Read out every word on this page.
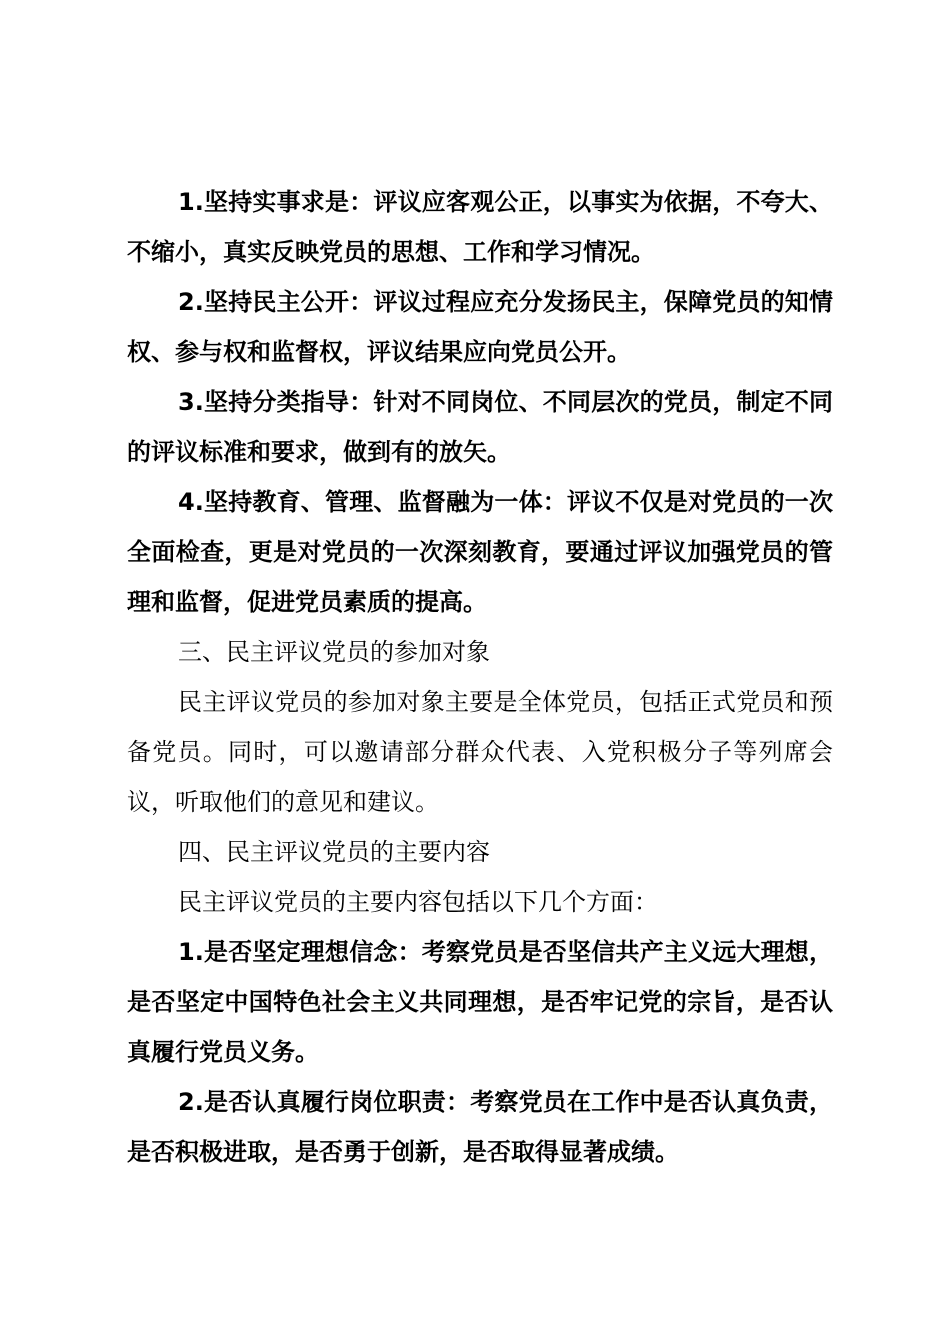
1.坚持实事求是：评议应客观公正，以事实为依据，不夸大、不缩小，真实反映党员的思想、工作和学习情况。

2.坚持民主公开：评议过程应充分发扬民主，保障党员的知情权、参与权和监督权，评议结果应向党员公开。

3.坚持分类指导：针对不同岗位、不同层次的党员，制定不同的评议标准和要求，做到有的放矢。

4.坚持教育、管理、监督融为一体：评议不仅是对党员的一次全面检查，更是对党员的一次深刻教育，要通过评议加强党员的管理和监督，促进党员素质的提高。

三、民主评议党员的参加对象

民主评议党员的参加对象主要是全体党员，包括正式党员和预备党员。同时，可以邀请部分群众代表、入党积极分子等列席会议，听取他们的意见和建议。

四、民主评议党员的主要内容

民主评议党员的主要内容包括以下几个方面：

1.是否坚定理想信念：考察党员是否坚信共产主义远大理想，是否坚定中国特色社会主义共同理想，是否牢记党的宗旨，是否认真履行党员义务。

2.是否认真履行岗位职责：考察党员在工作中是否认真负责，是否积极进取，是否勇于创新，是否取得显著成绩。
